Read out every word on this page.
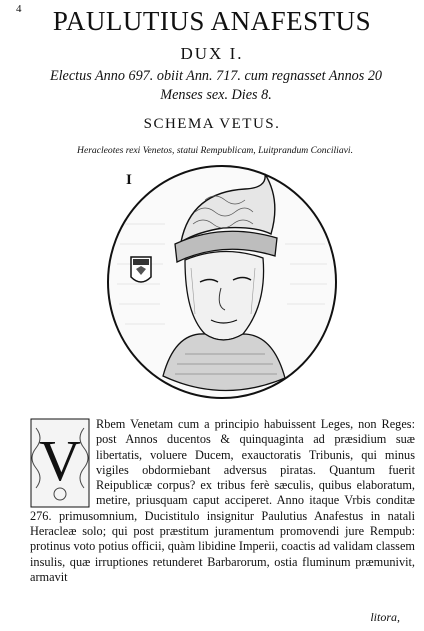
4	PAULUTIUS ANAFESTUS
DUX I.
Electus Anno 697. obiit Ann. 717. cum regnasset Annos 20
Menses sex. Dies 8.
SCHEMA VETUS.
Heracleotes rexi Venetos, statui Rempublicam, Luitprandum Conciliavi.
I
V

Rbem Venetam cum a principio habuissent Leges, non Reges: post Annos ducentos & quinquaginta ad præsidium suæ libertatis, voluere Ducem, exauctoratis Tribunis, qui minus vigiles obdormiebant adversus piratas. Quantum fuerit Reipublicæ corpus? ex tribus ferè sæculis, quibus elaboratum, metire, priusquam caput acciperet. Anno itaque Vrbis conditæ 276. primusomnium, Ducistitulo insignitur Paulutius Anafestus in natali Heracleæ solo; qui post præstitum juramentum promovendi jure Rempub: protinus voto potius officii, quàm libidine Imperii, coactis ad validam classem insulis, quæ irruptiones retunderet Barbarorum, ostia fluminum præmunivit, armavit

litora,
